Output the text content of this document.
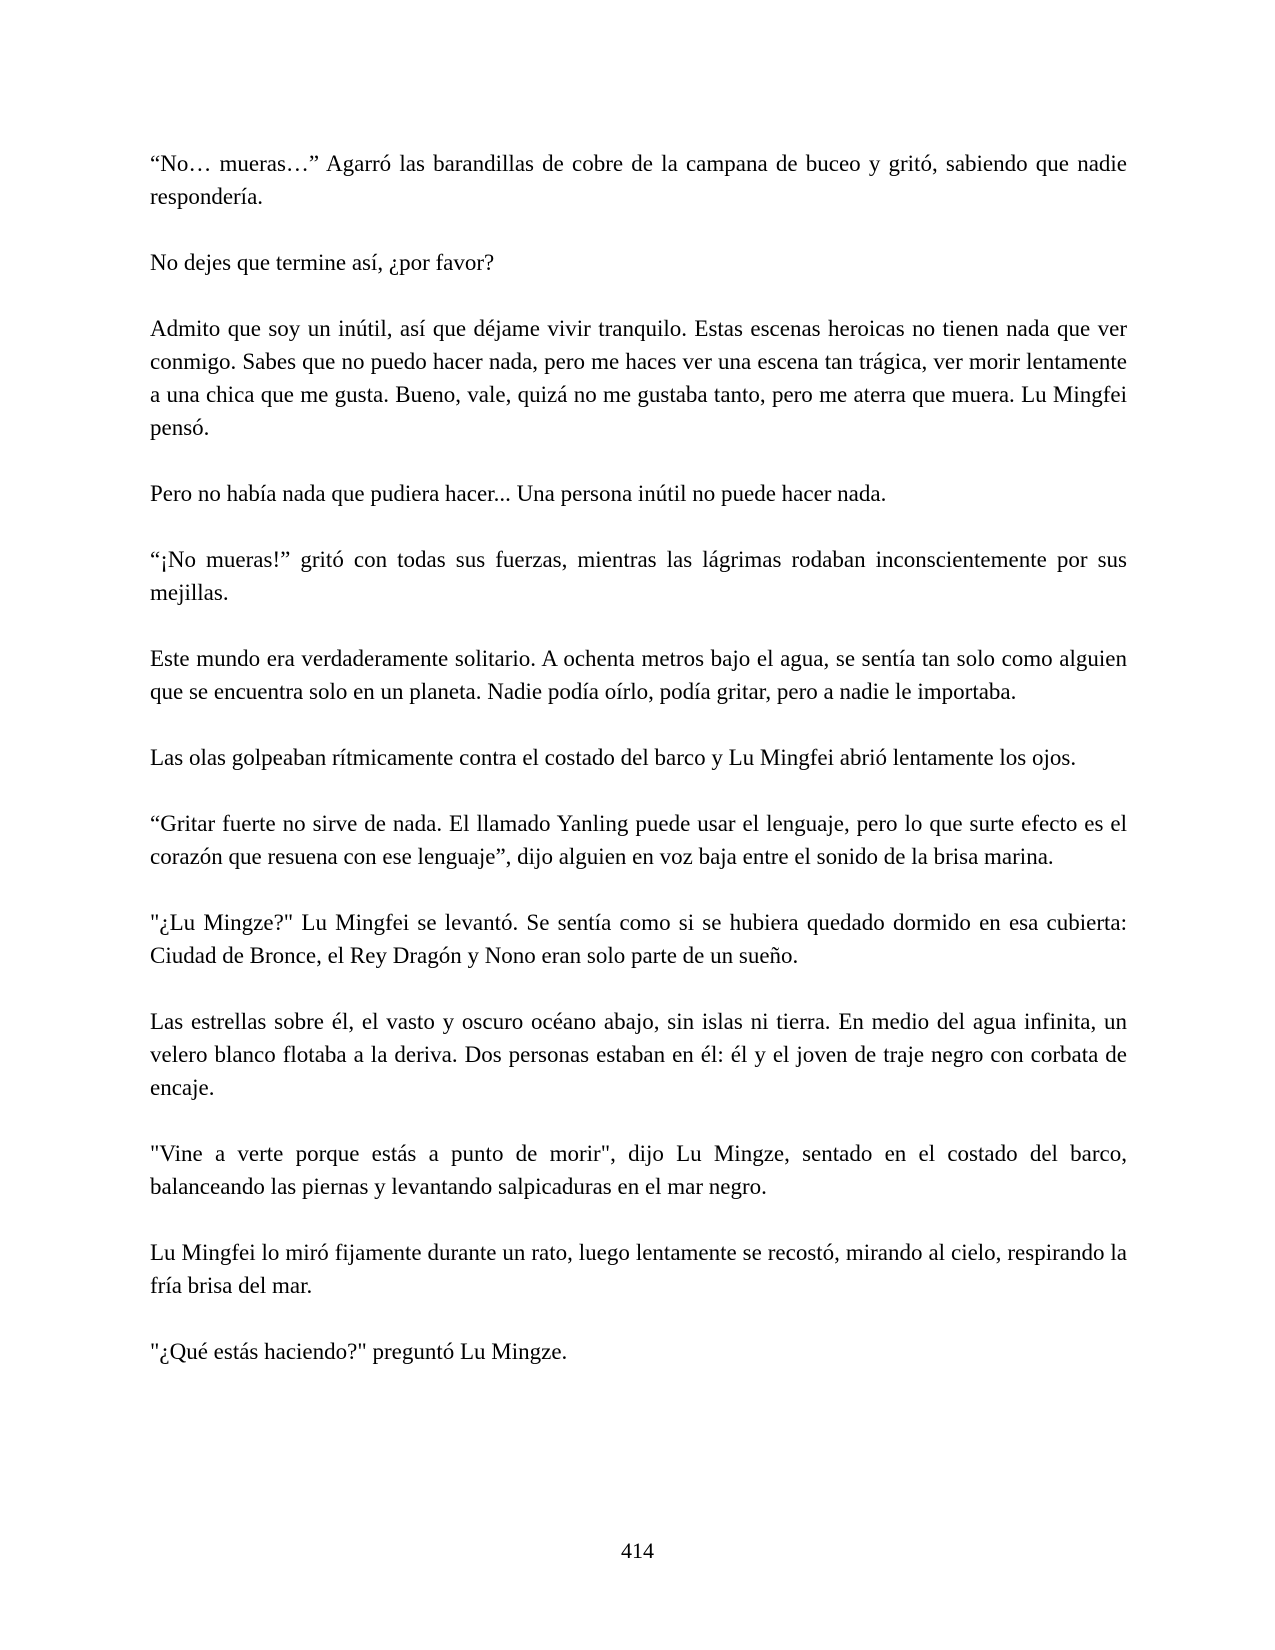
“No… mueras…” Agarró las barandillas de cobre de la campana de buceo y gritó, sabiendo que nadie respondería.

No dejes que termine así, ¿por favor?

Admito que soy un inútil, así que déjame vivir tranquilo. Estas escenas heroicas no tienen nada que ver conmigo. Sabes que no puedo hacer nada, pero me haces ver una escena tan trágica, ver morir lentamente a una chica que me gusta. Bueno, vale, quizá no me gustaba tanto, pero me aterra que muera. Lu Mingfei pensó.

Pero no había nada que pudiera hacer... Una persona inútil no puede hacer nada.

“¡No mueras!” gritó con todas sus fuerzas, mientras las lágrimas rodaban inconscientemente por sus mejillas.

Este mundo era verdaderamente solitario. A ochenta metros bajo el agua, se sentía tan solo como alguien que se encuentra solo en un planeta. Nadie podía oírlo, podía gritar, pero a nadie le importaba.

Las olas golpeaban rítmicamente contra el costado del barco y Lu Mingfei abrió lentamente los ojos.

“Gritar fuerte no sirve de nada. El llamado Yanling puede usar el lenguaje, pero lo que surte efecto es el corazón que resuena con ese lenguaje”, dijo alguien en voz baja entre el sonido de la brisa marina.

"¿Lu Mingze?" Lu Mingfei se levantó. Se sentía como si se hubiera quedado dormido en esa cubierta: Ciudad de Bronce, el Rey Dragón y Nono eran solo parte de un sueño.

Las estrellas sobre él, el vasto y oscuro océano abajo, sin islas ni tierra. En medio del agua infinita, un velero blanco flotaba a la deriva. Dos personas estaban en él: él y el joven de traje negro con corbata de encaje.

"Vine a verte porque estás a punto de morir", dijo Lu Mingze, sentado en el costado del barco, balanceando las piernas y levantando salpicaduras en el mar negro.

Lu Mingfei lo miró fijamente durante un rato, luego lentamente se recostó, mirando al cielo, respirando la fría brisa del mar.

"¿Qué estás haciendo?" preguntó Lu Mingze.

414
